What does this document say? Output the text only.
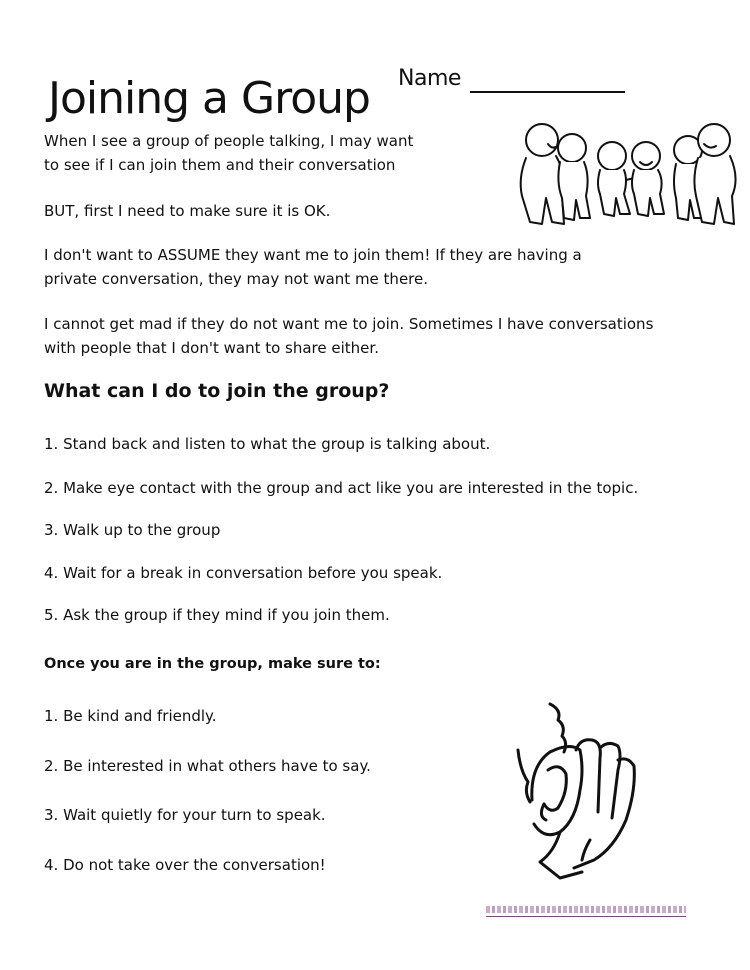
Joining a Group Name

When I see a group of people talking, I may want

to see if I can join them and their conversation

BUT, first I need to make sure it is OK.

I don't want to ASSUME they want me to join them! If they are having a

private conversation, they may not want me there.

I cannot get mad if they do not want me to join. Sometimes I have conversations

with people that I don't want to share either.

What can I do to join the group?

1. Stand back and listen to what the group is talking about.

2. Make eye contact with the group and act like you are interested in the topic.

3. Walk up to the group

4. Wait for a break in conversation before you speak.

5. Ask the group if they mind if you join them.

Once you are in the group, make sure to:

1. Be kind and friendly.

2. Be interested in what others have to say.

3. Wait quietly for your turn to speak.

4. Do not take over the conversation!
